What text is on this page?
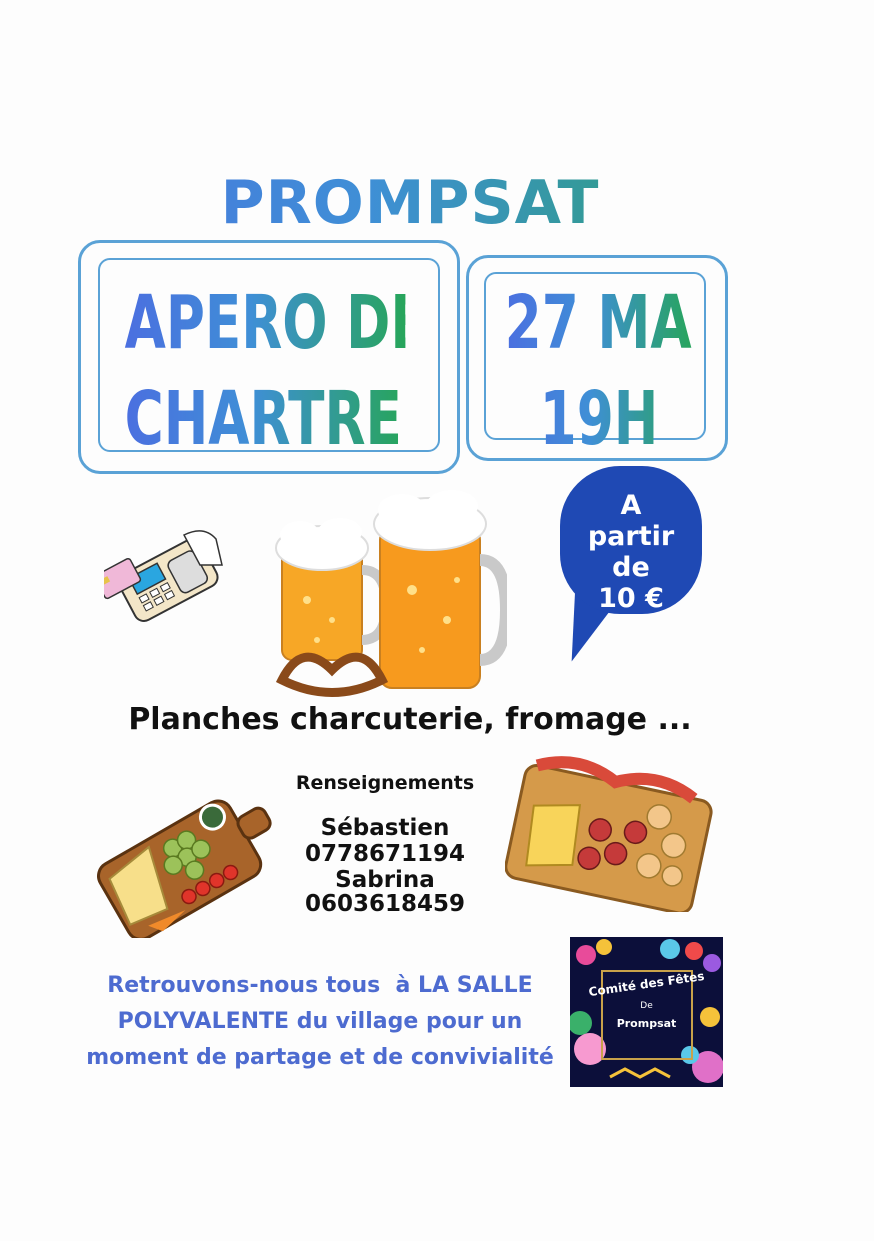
PROMPSAT
APERO DES
CHARTREUX
27 MARS
19H
A
partir
de
10 €
Planches charcuterie, fromage ...
Renseignements
Sébastien
0778671194
Sabrina
0603618459
Retrouvons-nous tous  à LA SALLE
POLYVALENTE du village pour un
moment de partage et de convivialité
Comité des Fêtes
De
Prompsat
